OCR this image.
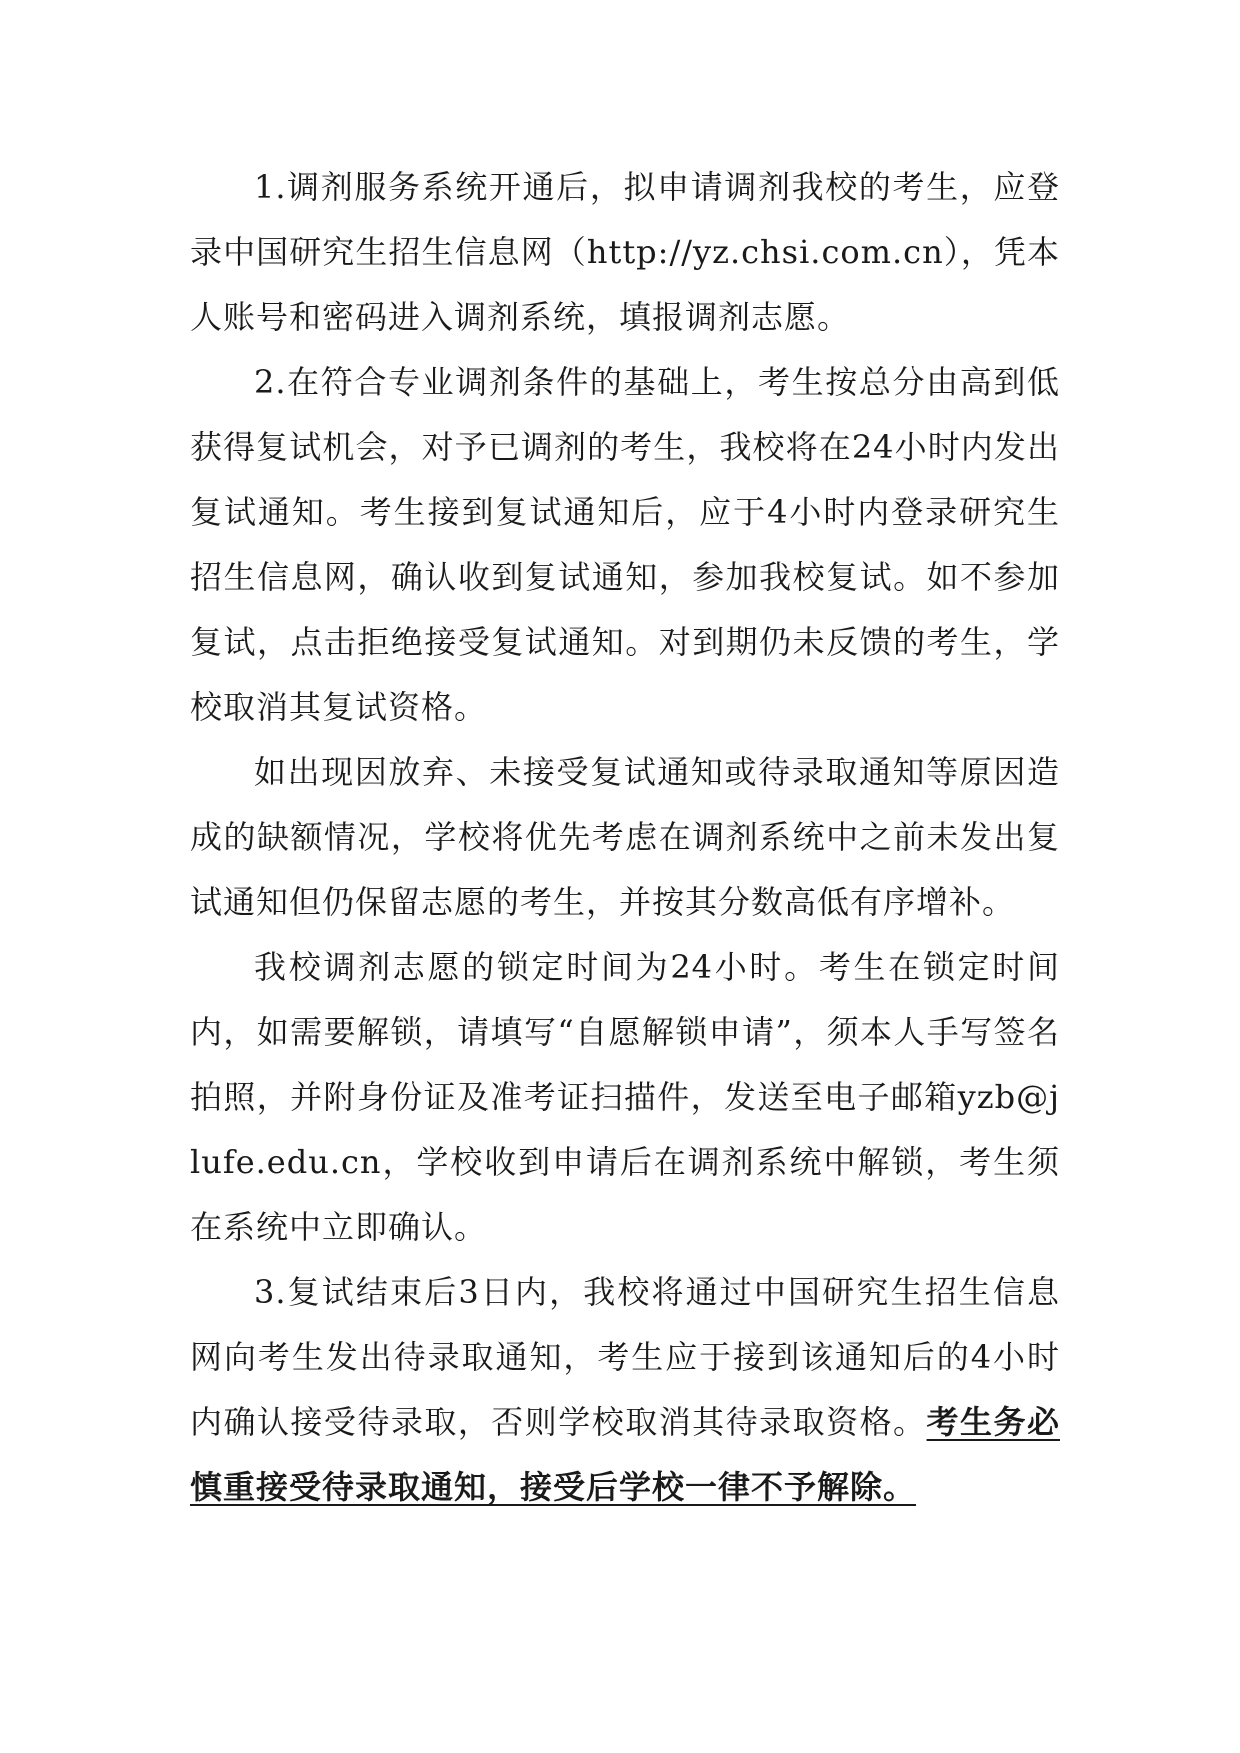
1.调剂服务系统开通后，拟申请调剂我校的考生，应登录中国研究生招生信息网（http://yz.chsi.com.cn），凭本人账号和密码进入调剂系统，填报调剂志愿。

2.在符合专业调剂条件的基础上，考生按总分由高到低获得复试机会，对予已调剂的考生，我校将在24小时内发出复试通知。考生接到复试通知后，应于4小时内登录研究生招生信息网，确认收到复试通知，参加我校复试。如不参加复试，点击拒绝接受复试通知。对到期仍未反馈的考生，学校取消其复试资格。

如出现因放弃、未接受复试通知或待录取通知等原因造成的缺额情况，学校将优先考虑在调剂系统中之前未发出复试通知但仍保留志愿的考生，并按其分数高低有序增补。

我校调剂志愿的锁定时间为24小时。考生在锁定时间内，如需要解锁，请填写“自愿解锁申请”，须本人手写签名拍照，并附身份证及准考证扫描件，发送至电子邮箱yzb@jlufe.edu.cn，学校收到申请后在调剂系统中解锁，考生须在系统中立即确认。

3.复试结束后3日内，我校将通过中国研究生招生信息网向考生发出待录取通知，考生应于接到该通知后的4小时内确认接受待录取，否则学校取消其待录取资格。考生务必慎重接受待录取通知，接受后学校一律不予解除。
